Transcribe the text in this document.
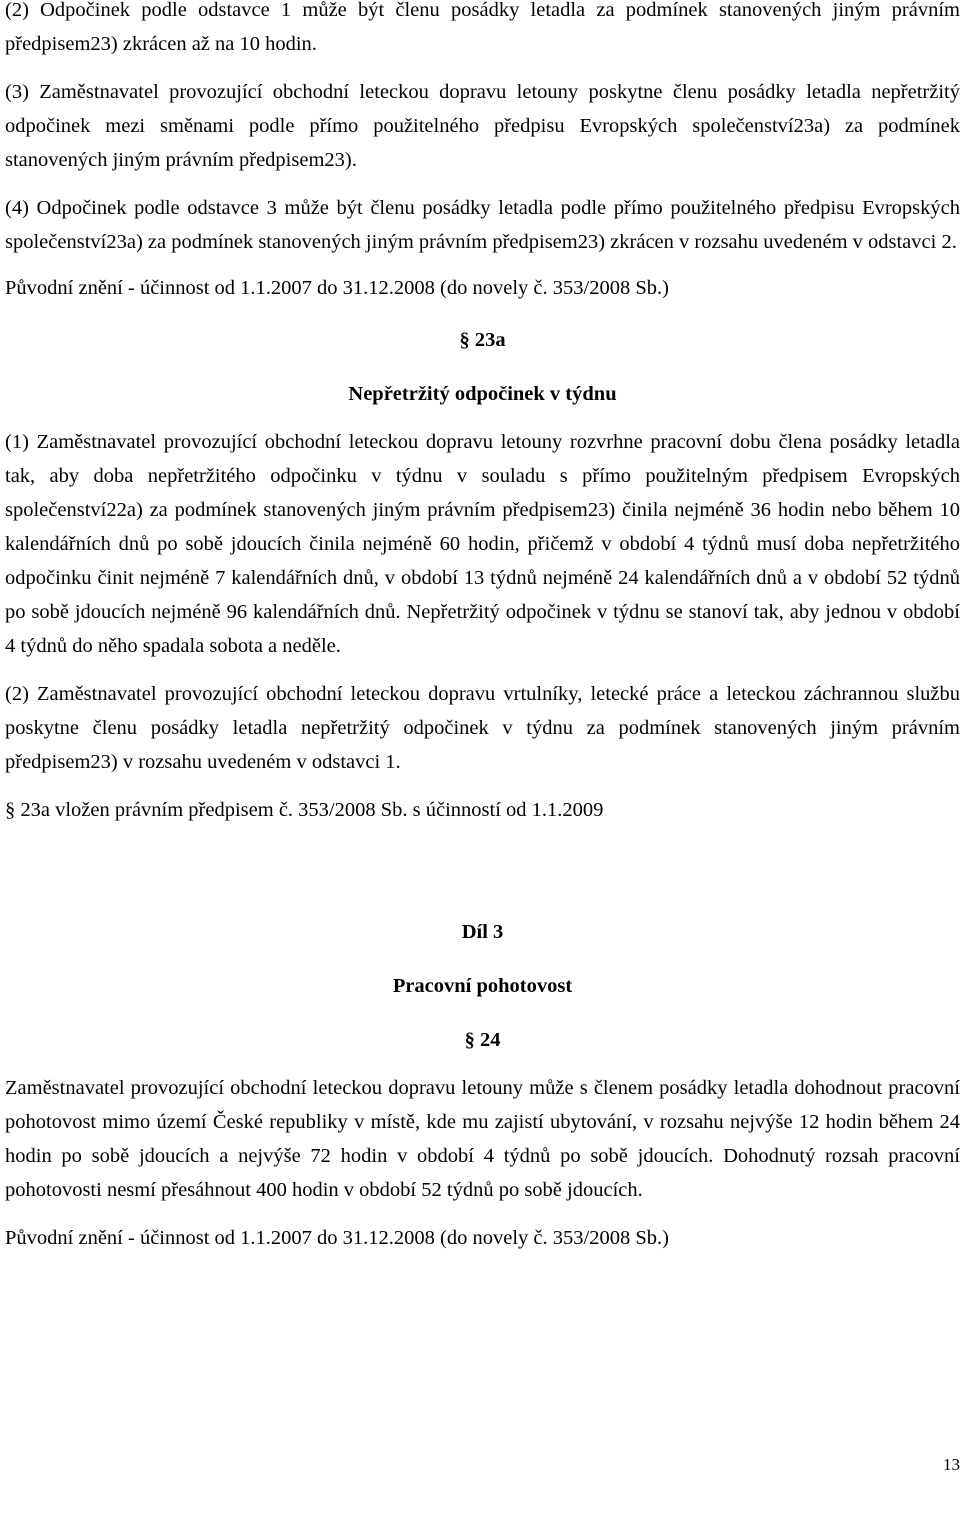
(2) Odpočinek podle odstavce 1 může být členu posádky letadla za podmínek stanovených jiným právním předpisem23) zkrácen až na 10 hodin.

(3) Zaměstnavatel provozující obchodní leteckou dopravu letouny poskytne členu posádky letadla nepřetržitý odpočinek mezi směnami podle přímo použitelného předpisu Evropských společenství23a) za podmínek stanovených jiným právním předpisem23).

(4) Odpočinek podle odstavce 3 může být členu posádky letadla podle přímo použitelného předpisu Evropských společenství23a) za podmínek stanovených jiným právním předpisem23) zkrácen v rozsahu uvedeném v odstavci 2.

Původní znění - účinnost od 1.1.2007 do 31.12.2008 (do novely č. 353/2008 Sb.)

§ 23a

Nepřetržitý odpočinek v týdnu

(1) Zaměstnavatel provozující obchodní leteckou dopravu letouny rozvrhne pracovní dobu člena posádky letadla tak, aby doba nepřetržitého odpočinku v týdnu v souladu s přímo použitelným předpisem Evropských společenství22a) za podmínek stanovených jiným právním předpisem23) činila nejméně 36 hodin nebo během 10 kalendářních dnů po sobě jdoucích činila nejméně 60 hodin, přičemž v období 4 týdnů musí doba nepřetržitého odpočinku činit nejméně 7 kalendářních dnů, v období 13 týdnů nejméně 24 kalendářních dnů a v období 52 týdnů po sobě jdoucích nejméně 96 kalendářních dnů. Nepřetržitý odpočinek v týdnu se stanoví tak, aby jednou v období 4 týdnů do něho spadala sobota a neděle.

(2) Zaměstnavatel provozující obchodní leteckou dopravu vrtulníky, letecké práce a leteckou záchrannou službu poskytne členu posádky letadla nepřetržitý odpočinek v týdnu za podmínek stanovených jiným právním předpisem23) v rozsahu uvedeném v odstavci 1.

§ 23a vložen právním předpisem č. 353/2008 Sb. s účinností od 1.1.2009

Díl 3

Pracovní pohotovost

§ 24

Zaměstnavatel provozující obchodní leteckou dopravu letouny může s členem posádky letadla dohodnout pracovní pohotovost mimo území České republiky v místě, kde mu zajistí ubytování, v rozsahu nejvýše 12 hodin během 24 hodin po sobě jdoucích a nejvýše 72 hodin v období 4 týdnů po sobě jdoucích. Dohodnutý rozsah pracovní pohotovosti nesmí přesáhnout 400 hodin v období 52 týdnů po sobě jdoucích.

Původní znění - účinnost od 1.1.2007 do 31.12.2008 (do novely č. 353/2008 Sb.)

13
